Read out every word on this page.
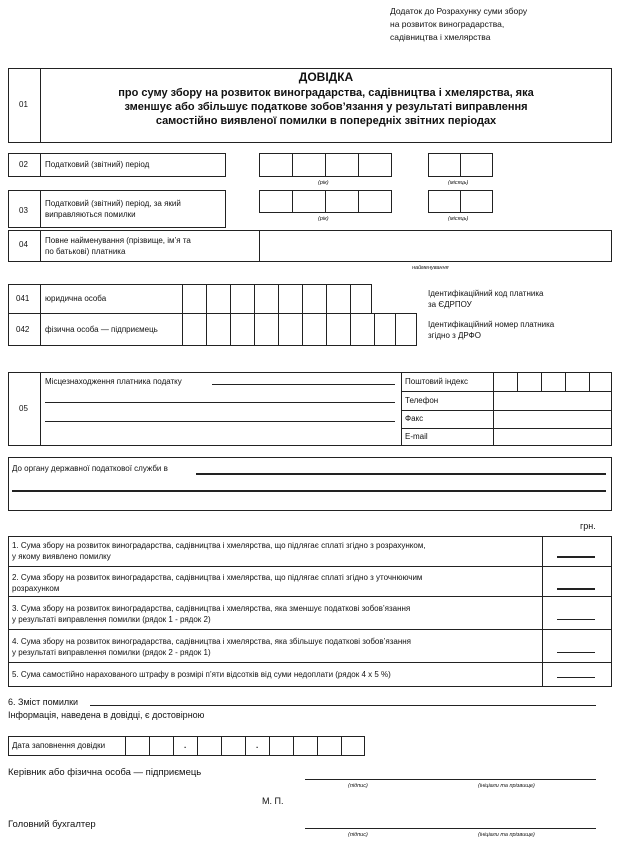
Додаток до Розрахунку суми збору
на розвиток виноградарства,
садівництва і хмелярства
01
ДОВІДКА
про суму збору на розвиток виноградарства, садівництва і хмелярства, яка
зменшує або збільшує податкове зобов’язання у результаті виправлення
самостійно виявленої помилки в попередніх звітних періодах
02 Податковий (звітний) період
(рік)	(місяць)
03
Податковий (звітний) період, за який
виправляються помилки	(рік)	(місяць)
04 Повне найменування (прізвище, ім’я та
по батькові) платника
найменування
041 юридична особа
Ідентифікаційний код платника
за ЄДРПОУ
042 фізична особа — підприємець
Ідентифікаційний номер платника
згідно з ДРФО
05
Місцезнаходження платника податку	Поштовий індекс
Телефон
Факс
E-mail
До органу державної податкової служби в
грн.
1. Сума збору на розвиток виноградарства, садівництва і хмелярства, що підлягає сплаті згідно з розрахунком,
у якому виявлено помилку
2. Сума збору на розвиток виноградарства, садівництва і хмелярства, що підлягає сплаті згідно з уточнюючим
розрахунком
3. Сума збору на розвиток виноградарства, садівництва і хмелярства, яка зменшує податкові зобов’язання
у результаті виправлення помилки (рядок 1 - рядок 2)
4. Сума збору на розвиток виноградарства, садівництва і хмелярства, яка збільшує податкові зобов’язання
у результаті виправлення помилки (рядок 2 - рядок 1)
5. Сума самостійно нарахованого штрафу в розмірі п’яти відсотків від суми недоплати (рядок 4 х 5 %)
6. Зміст помилки
Інформація, наведена в довідці, є достовірною
Дата заповнення довідки	.	.
Керівник або фізична особа — підприємець
(підпис)	(ініціали та прізвище)
М. П.
Головний бухгалтер
(підпис)	(ініціали та прізвище)
